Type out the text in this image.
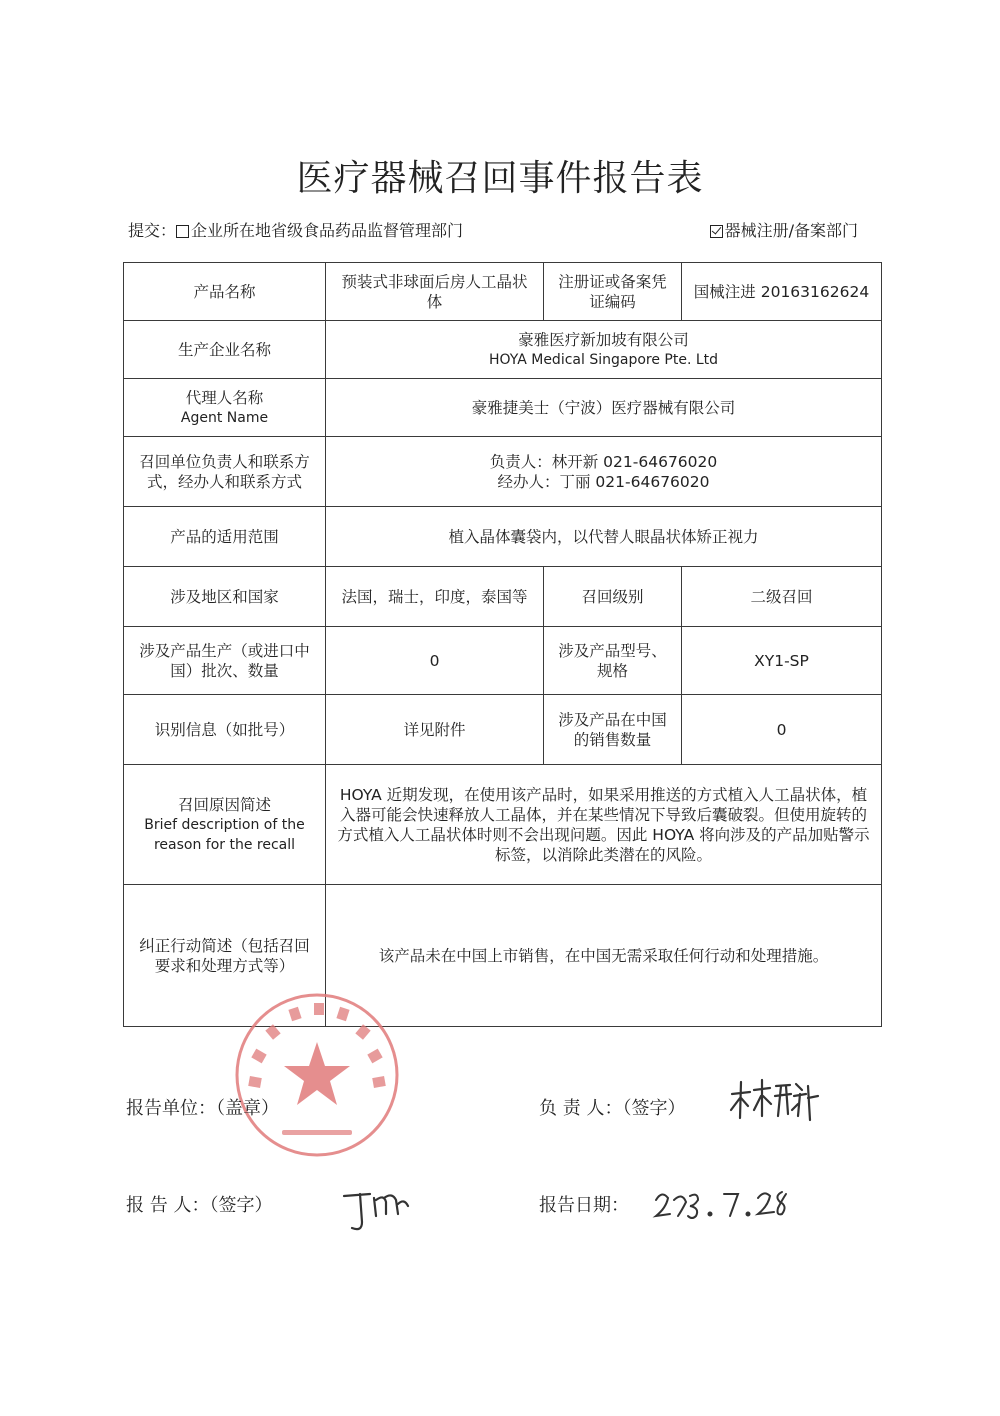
医疗器械召回事件报告表
提交： 企业所在地省级食品药品监督管理部门	器械注册/备案部门
产品名称	预装式非球面后房人工晶状体	注册证或备案凭证编码	国械注进 20163162624
生产企业名称	豪雅医疗新加坡有限公司
HOYA Medical Singapore Pte. Ltd		

代理人名称
Agent Name	豪雅捷美士（宁波）医疗器械有限公司		
召回单位负责人和联系方式，经办人和联系方式	负责人：林开新 021-64676020
经办人：丁丽 021-64676020		

产品的适用范围	植入晶体囊袋内，以代替人眼晶状体矫正视力		
涉及地区和国家	法国，瑞士，印度，泰国等	召回级别	二级召回
涉及产品生产（或进口中国）批次、数量	0	涉及产品型号、规格	XY1-SP
识别信息（如批号）	详见附件	涉及产品在中国的销售数量	0

召回原因简述
Brief description of the reason for the recall	HOYA 近期发现，在使用该产品时，如果采用推送的方式植入人工晶状体，植入器可能会快速释放人工晶体，并在某些情况下导致后囊破裂。但使用旋转的方式植入人工晶状体时则不会出现问题。因此 HOYA 将向涉及的产品加贴警示标签，以消除此类潜在的风险。		
纠正行动简述（包括召回要求和处理方式等）	该产品未在中国上市销售，在中国无需采取任何行动和处理措施。		
报告单位：（盖章）	负 责 人：（签字）
报 告 人：（签字）	报告日期：
